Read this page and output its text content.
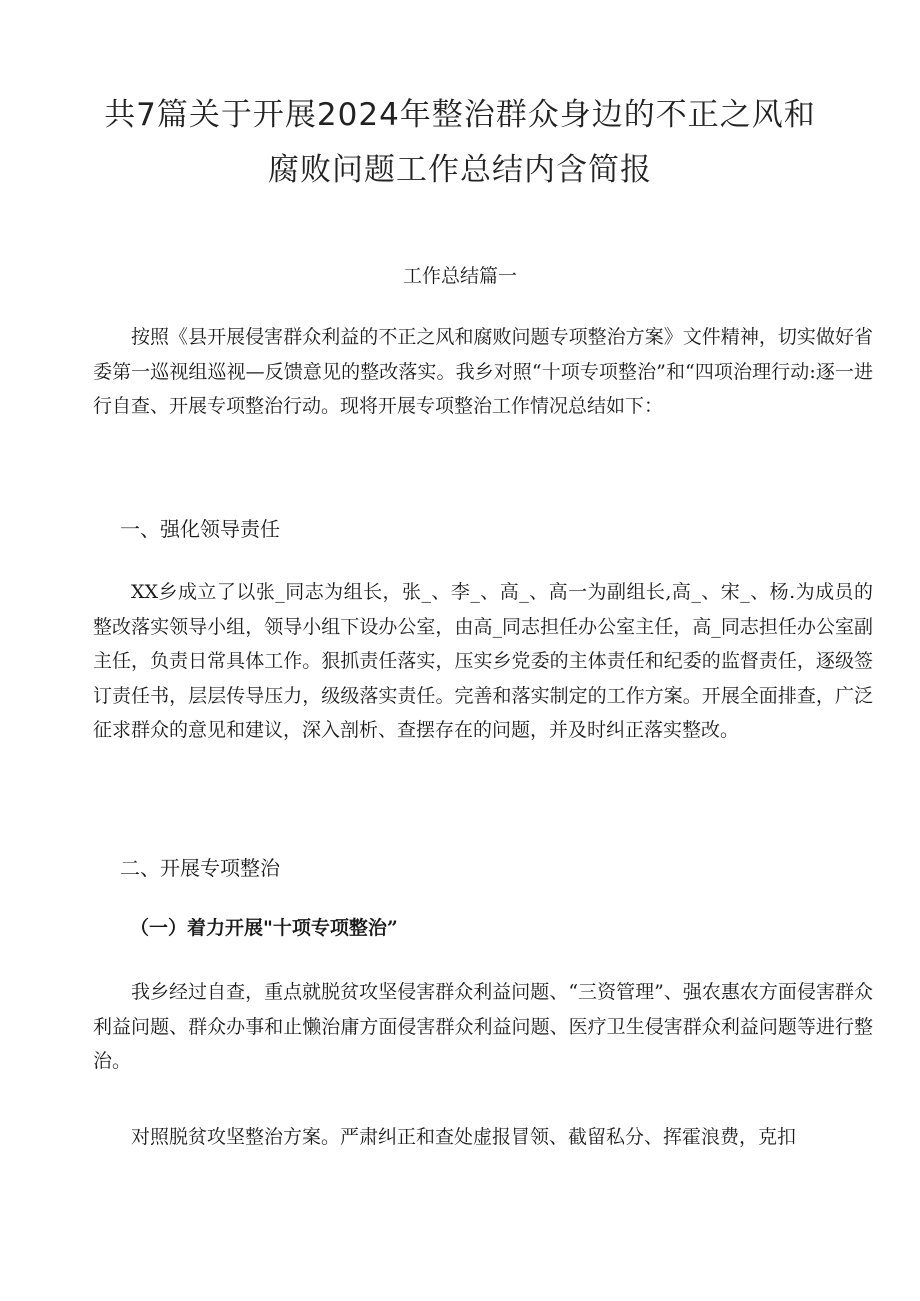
共7篇关于开展2024年整治群众身边的不正之风和
腐败问题工作总结内含简报
工作总结篇一

按照《县开展侵害群众利益的不正之风和腐败问题专项整治方案》文件精神，切实做好省委第一巡视组巡视—反馈意见的整改落实。我乡对照“十项专项整治”和“四项治理行动:逐一进行自查、开展专项整治行动。现将开展专项整治工作情况总结如下：

一、强化领导责任

XX乡成立了以张_同志为组长，张_、李_、高_、高一为副组长,高_、宋_、杨.为成员的整改落实领导小组，领导小组下设办公室，由高_同志担任办公室主任，高_同志担任办公室副主任，负责日常具体工作。狠抓责任落实，压实乡党委的主体责任和纪委的监督责任，逐级签订责任书，层层传导压力，级级落实责任。完善和落实制定的工作方案。开展全面排查，广泛征求群众的意见和建议，深入剖析、查摆存在的问题，并及时纠正落实整改。

二、开展专项整治
（一）着力开展"十项专项整治”

我乡经过自查，重点就脱贫攻坚侵害群众利益问题、“三资管理”、强农惠农方面侵害群众利益问题、群众办事和止懒治庸方面侵害群众利益问题、医疗卫生侵害群众利益问题等进行整治。

对照脱贫攻坚整治方案。严肃纠正和查处虚报冒领、截留私分、挥霍浪费，克扣
